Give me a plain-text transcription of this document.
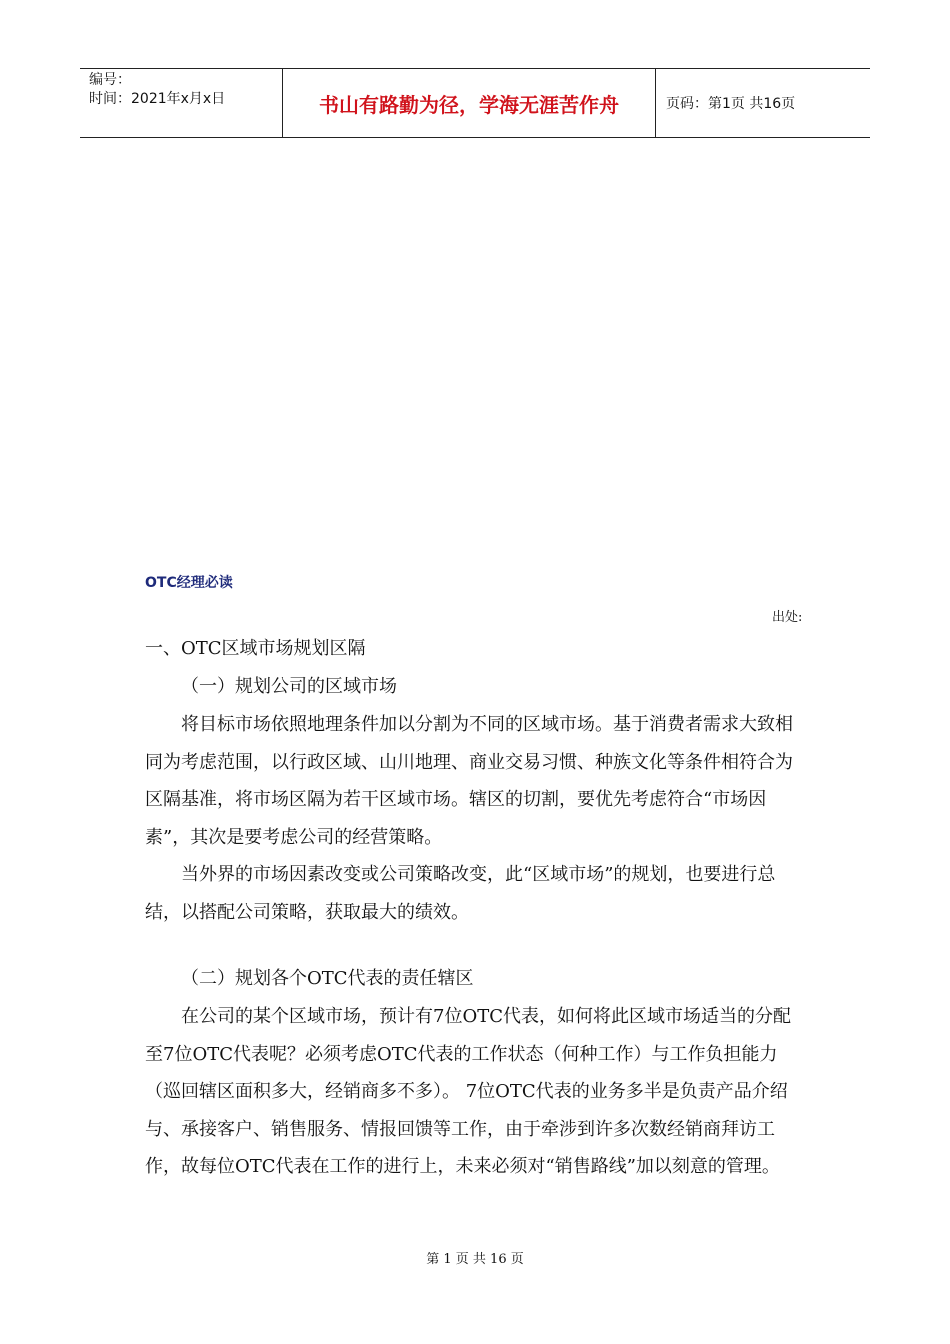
编号：
时间：2021年x月x日	书山有路勤为径，学海无涯苦作舟	页码：第1页 共16页
OTC经理必读
出处:
一、OTC区域市场规划区隔
（一）规划公司的区域市场
将目标市场依照地理条件加以分割为不同的区域市场。基于消费者需求大致相同为考虑范围，以行政区域、山川地理、商业交易习惯、种族文化等条件相符合为区隔基准，将市场区隔为若干区域市场。辖区的切割，要优先考虑符合“市场因素”，其次是要考虑公司的经营策略。
当外界的市场因素改变或公司策略改变，此“区域市场”的规划，也要进行总结，以搭配公司策略，获取最大的绩效。
（二）规划各个OTC代表的责任辖区
在公司的某个区域市场，预计有7位OTC代表，如何将此区域市场适当的分配至7位OTC代表呢？必须考虑OTC代表的工作状态（何种工作）与工作负担能力（巡回辖区面积多大，经销商多不多）。 7位OTC代表的业务多半是负责产品介绍与、承接客户、销售服务、情报回馈等工作，由于牵涉到许多次数经销商拜访工作，故每位OTC代表在工作的进行上，未来必须对“销售路线”加以刻意的管理。
第 1 页 共 16 页
